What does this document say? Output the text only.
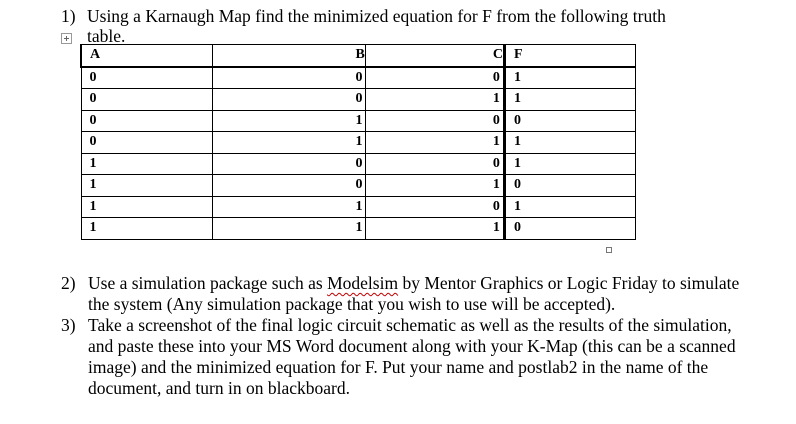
1) Using a Karnaugh Map find the minimized equation for F from the following truth
table.
A	B	C	F
0	0	0	1
0	0	1	1
0	1	0	0
0	1	1	1
1	0	0	1
1	0	1	0
1	1	0	1
1	1	1	0
2) Use a simulation package such as Modelsim by Mentor Graphics or Logic Friday to simulate the system (Any simulation package that you wish to use will be accepted).
3) Take a screenshot of the final logic circuit schematic as well as the results of the simulation, and paste these into your MS Word document along with your K-Map (this can be a scanned image) and the minimized equation for F. Put your name and postlab2 in the name of the document, and turn in on blackboard.
